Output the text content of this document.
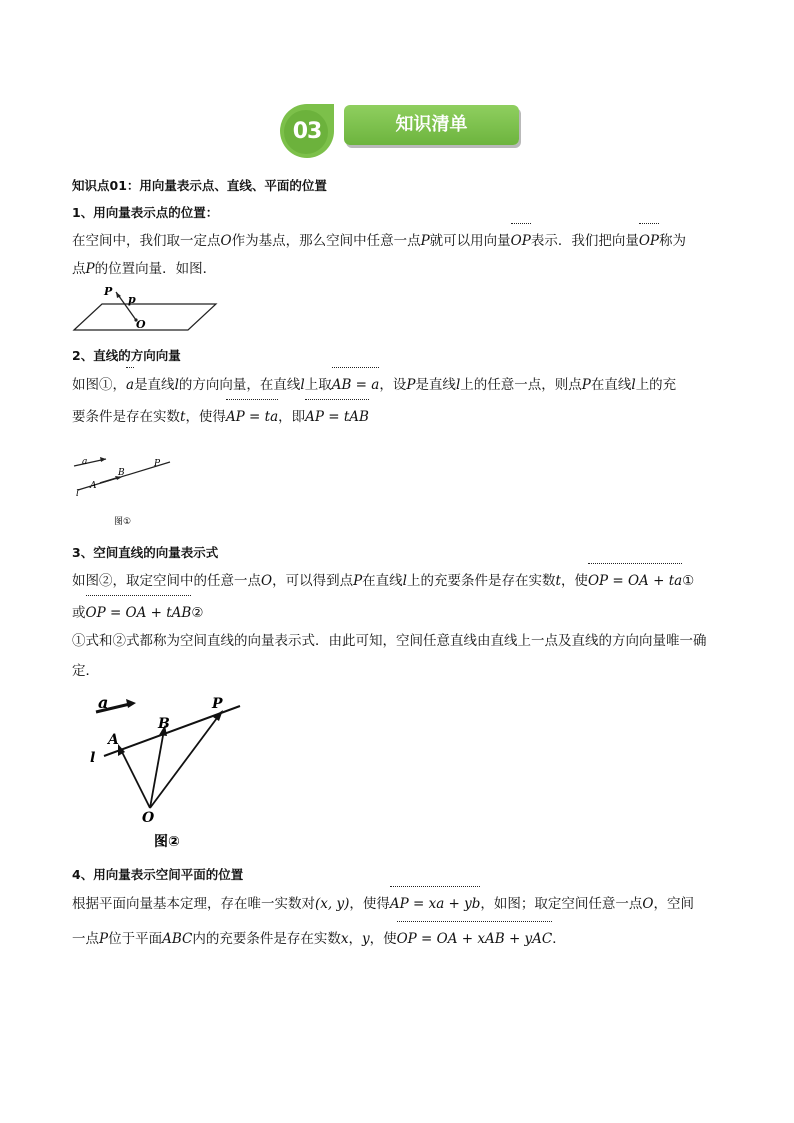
03	知识清单
知识点01：用向量表示点、直线、平面的位置
1、用向量表示点的位置：
在空间中，我们取一定点O作为基点，那么空间中任意一点P就可以用向量OP表示．我们把向量OP称为
点P的位置向量．如图．
P
p
O
2、直线的方向向量
如图①，a是直线l的方向向量，在直线l上取AB = a，设P是直线l上的任意一点，则点P在直线l上的充
要条件是存在实数t，使得AP = ta，即AP = tAB
a
B
P
A
l
图①
3、空间直线的向量表示式
如图②，取定空间中的任意一点O，可以得到点P在直线l上的充要条件是存在实数t，使OP = OA + ta①
或OP = OA + tAB②
①式和②式都称为空间直线的向量表示式．由此可知，空间任意直线由直线上一点及直线的方向向量唯一确
定．
a
A
B
P
l
O
图②
4、用向量表示空间平面的位置
根据平面向量基本定理，存在唯一实数对(x, y)，使得AP = xa + yb，如图；取定空间任意一点O，空间
一点P位于平面ABC内的充要条件是存在实数x，y，使OP = OA + xAB + yAC．
